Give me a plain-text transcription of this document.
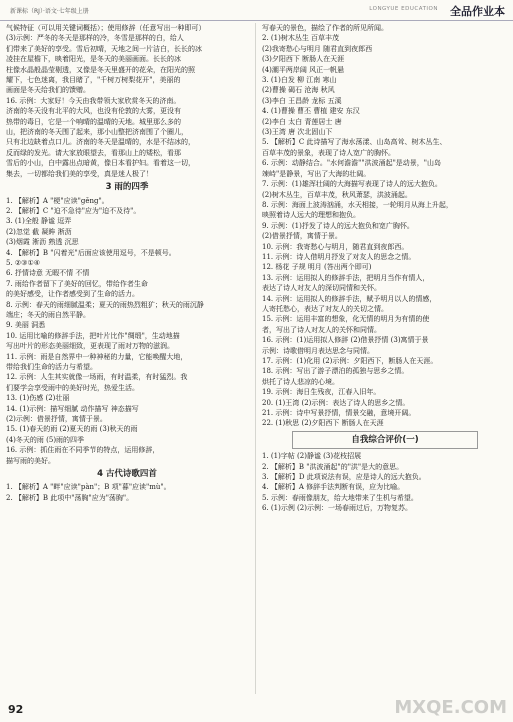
新课标（RJ）·语文·七年级上册	LONGYUE EDUCATION 全品作业本
气候特征（可以用关键词概括）；使用修辞（任意写出一种即可）
(3)示例：严冬的冬天是那样的冷，冬雪是那样的白，给人
们带来了美好的享受。雪后初晴，天地之间一片洁白，长长的冰
凌挂在屋檐下，映着阳光，是冬天的美丽画面。长长的冰
柱像水晶般晶莹剔透，又像是冬天里盛开的花朵，在阳光的照
耀下，七色迷离，我目睹了，"千树万树梨花开"，美丽的
画面是冬天给我们的馈赠。
16. 示例：大家好！今天由我带领大家欣赏冬天的济南。
济南的冬天没有北平的大风，也没有伦敦的大雾，更没有
热带的毒日，它是一个响晴的温晴的天地。城里那么多的
山，把济南的冬天围了起来，那小山整把济南围了个圈儿，
只有北边缺着点口儿。济南的冬天是温晴的，水是不结冰的，
反而绿的发光。请大家放眼望去，看那山上的矮松，看那
雪后的小山，白中露出点暗黄，像日本看护妇。看着这一切，
集去，一切都给我们美的享受，真是迷人极了！
3 雨的四季
1. 【解析】A "梗"应读"gěng"。
2. 【解析】C "迫不急待"应为"迫不及待"。
3. (1)全般 静谧 逗弄
(2)忽觉 截 凝眸 淅沥
(3)烟霞 淅沥 熟透 沉思
4. 【解析】B "闪着光"后面应该使用逗号，不是顿号。
5. ②③①④
6. 抒情诗意 无暇不情 不情
7. 雨给作者留下了美好的回忆，带给作者生命
的美好感受，让作者感受到了生命的活力。
8. 示例：春天的雨细腻温柔；夏天的雨热烈粗犷；秋天的雨沉静
端庄；冬天的雨自然平静。
9. 美丽 洞悉
10. 运用比喻的修辞手法，把叶片比作"绸缎"，生动地描
写出叶片的形态美丽细致，更表现了雨对万物的滋润。
11. 示例：雨是自然界中一种神秘的力量，它能唤醒大地，
带给我们生命的活力与希望。
12. 示例：人生其实就像一场雨，有时温柔，有时猛烈。我
们要学会享受雨中的美好时光，热爱生活。
13. (1)伤感 (2)壮丽
14. (1)示例：描写细腻 动作描写 神态描写
(2)示例：借景抒情，寓情于景。
15. (1)春天的雨 (2)夏天的雨 (3)秋天的雨
(4)冬天的雨 (5)雨的四季
16. 示例：抓住雨在不同季节的特点，运用修辞，
描写雨的美好。
4 古代诗歌四首
1. 【解析】A "畔"应读"pàn"；B 项"暮"应读"mù"。
2. 【解析】B 此项中"荡胸"应为"荡胸"。
写春天的景色，描绘了作者的所见所闻。
2. (1)树木丛生 百草丰茂
(2)我寄愁心与明月 随君直到夜郎西
(3)夕阳西下 断肠人在天涯
(4)潮平两岸阔 风正一帆悬
3. (1)白发 柳 江南 寒山
(2)曹操 碣石 沧海 秋风
(3)李白 王昌龄 龙标 五溪
4. (1)曹操 曹丕 曹植 建安 东汉
(2)李白 太白 青莲居士 唐
(3)王湾 唐 次北固山下
5. 【解析】C 此诗描写了海水荡漾、山岛高耸、树木丛生、
百草丰茂的景象，表现了诗人宽广的胸怀。
6. 示例：动静结合。"水何澹澹""洪波涌起"是动景，"山岛
竦峙"是静景，写出了大海的壮阔。
7. 示例：(1)雄浑壮阔的大海描写表现了诗人的远大抱负。
(2)树木丛生，百草丰茂，秋风萧瑟，洪波涌起。
8. 示例：海面上波涛汹涌，水天相接，一轮明月从海上升起，
映照着诗人远大的理想和抱负。
9. 示例：(1)抒发了诗人的远大抱负和宽广胸怀。
(2)借景抒情，寓情于景。
10. 示例：我寄愁心与明月，随君直到夜郎西。
11. 示例：诗人借明月抒发了对友人的思念之情。
12. 杨花 子规 明月 (答出两个即可)
13. 示例：运用拟人的修辞手法，把明月当作有情人，
表达了诗人对友人的深切同情和关怀。
14. 示例：运用拟人的修辞手法，赋予明月以人的情感，
人寄托愁心，表达了对友人的关切之情。
15. 示例：运用丰富的想象，化无情的明月为有情的使
者，写出了诗人对友人的关怀和同情。
16. 示例：(1)运用拟人修辞 (2)借景抒情 (3)寓情于景
示例：诗歌借明月表达思念与同情。
17. 示例：(1)化用 (2)示例：夕阳西下，断肠人在天涯。
18. 示例：写出了游子漂泊的孤独与思乡之情。
烘托了诗人悲凉的心境。
19. 示例：海日生残夜，江春入旧年。
20. (1)王湾 (2)示例：表达了诗人的思乡之情。
21. 示例：诗中写景抒情，情景交融，意境开阔。
22. (1)秋思 (2)夕阳西下 断肠人在天涯
自我综合评价(一)
1. (1)字帖 (2)静谧 (3)花枝招展
2. 【解析】B "洪波涌起"的"洪"是大的意思。
3. 【解析】D 此项说法有误，应是诗人的远大抱负。
4. 【解析】A 修辞手法判断有误，应为比喻。
5. 示例：春雨像朋友，给大地带来了生机与希望。
6. (1)示例 (2)示例：一场春雨过后，万物复苏。
92	MXQE.COM
